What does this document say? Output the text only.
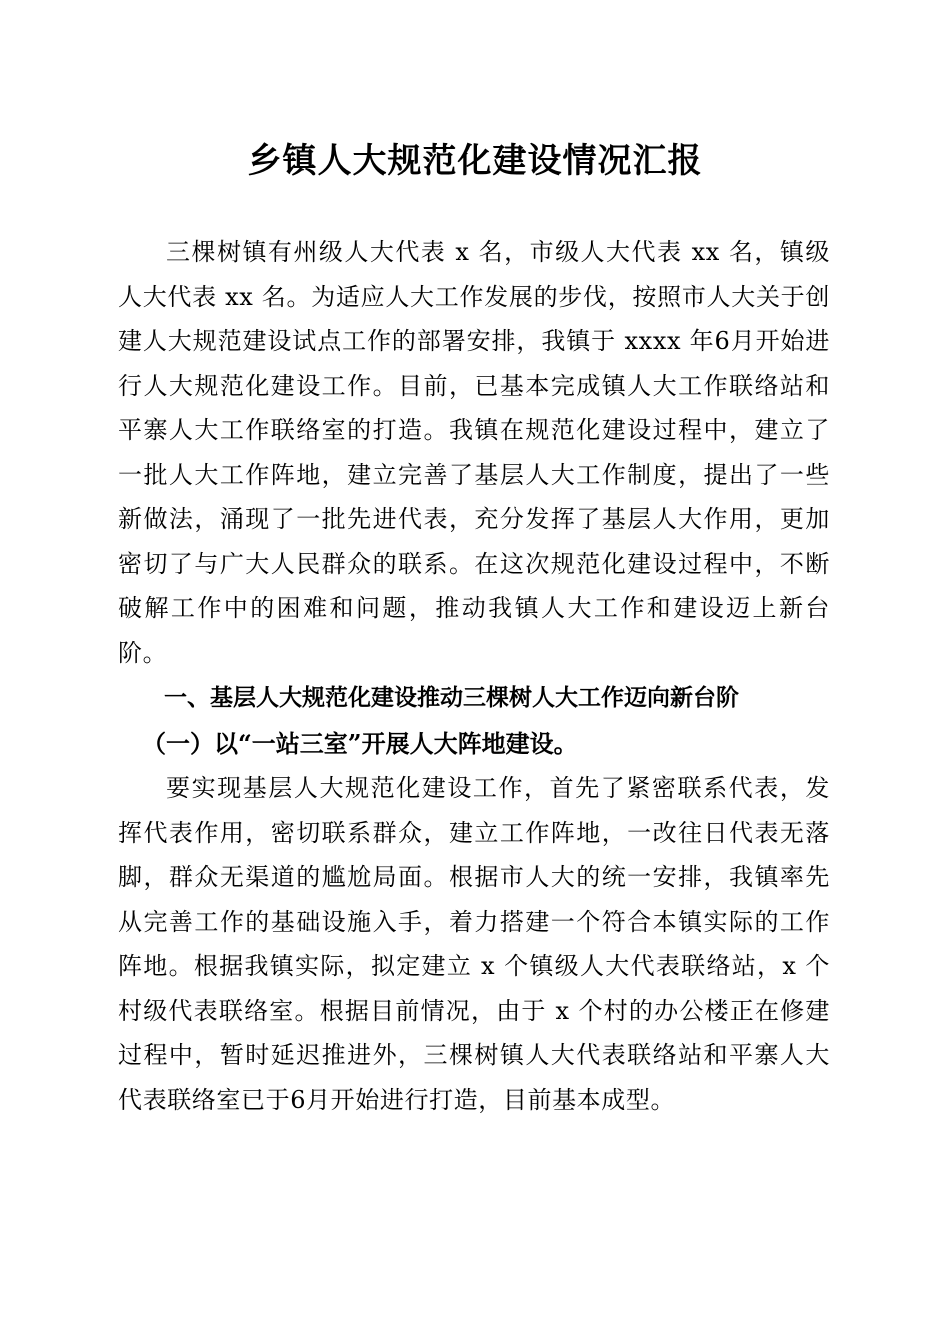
乡镇人大规范化建设情况汇报

三棵树镇有州级人大代表 x 名，市级人大代表 xx 名，镇级人大代表 xx 名。为适应人大工作发展的步伐，按照市人大关于创建人大规范建设试点工作的部署安排，我镇于 xxxx 年6月开始进行人大规范化建设工作。目前，已基本完成镇人大工作联络站和平寨人大工作联络室的打造。我镇在规范化建设过程中，建立了一批人大工作阵地，建立完善了基层人大工作制度，提出了一些新做法，涌现了一批先进代表，充分发挥了基层人大作用，更加密切了与广大人民群众的联系。在这次规范化建设过程中，不断破解工作中的困难和问题，推动我镇人大工作和建设迈上新台阶。

一、基层人大规范化建设推动三棵树人大工作迈向新台阶
（一）以“一站三室”开展人大阵地建设。

要实现基层人大规范化建设工作，首先了紧密联系代表，发挥代表作用，密切联系群众，建立工作阵地，一改往日代表无落脚，群众无渠道的尴尬局面。根据市人大的统一安排，我镇率先从完善工作的基础设施入手，着力搭建一个符合本镇实际的工作阵地。根据我镇实际，拟定建立 x 个镇级人大代表联络站，x 个村级代表联络室。根据目前情况，由于 x 个村的办公楼正在修建过程中，暂时延迟推进外，三棵树镇人大代表联络站和平寨人大代表联络室已于6月开始进行打造，目前基本成型。
